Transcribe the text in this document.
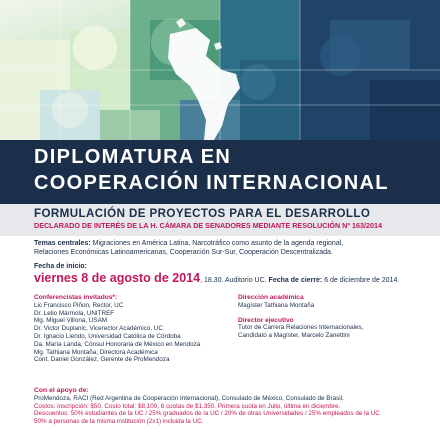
DIPLOMATURA EN
COOPERACIÓN INTERNACIONAL
FORMULACIÓN DE PROYECTOS PARA EL DESARROLLO
DECLARADO DE INTERÉS DE LA H. CÁMARA DE SENADORES MEDIANTE RESOLUCIÓN Nº 163/2014
Temas centrales: Migraciones en América Latina, Narcotráfico como asunto de la agenda regional,
Relaciones Económicas Latinoamericanas, Cooperación Sur-Sur, Cooperación Descentralizada.
Fecha de inicio:
viernes 8 de agosto de 2014, 18.30. Auditorio UC. Fecha de cierre: 6 de diciembre de 2014.
Conferencistas invitados*:
Lic Francisco Piñon, Rector, UC
Dr. Lelio Mármola, UNITREF
Mg. Miguel Villona, USAM
Dr. Victor Duplanic, Vicerector Académico, UC
Dr. Ignacio Liendo, Universidad Católica de Córdoba
Da. María Landa, Cónsul Honoraria de México en Mendoza
Mg. Tathiana Montaña, Directora Académica
Cont. Daniel González, Gerente de ProMendoza
Dirección académica
Magíster Tathiana Montaña
Director ejecutivo
Tutor de Carrera Relaciones Internacionales,
Candidato a Magíster, Marcelo Zanettini
Con el apoyo de:
ProMendoza, RACI (Red Argentina de Cooperación Internacional), Consulado de México, Consulado de Brasil.
Costos: inscripción: $50. Costo total: $8.100, 6 cuotas de $1.350. Primera cuota en Julio, última en diciembre.
Descuentos: 50% estudiantes de la UC / 25% graduados de la UC / 20% de otras Universidades / 25% empleados de la UC
50% a personas de la misma institución (2x1) incluida la UC.
